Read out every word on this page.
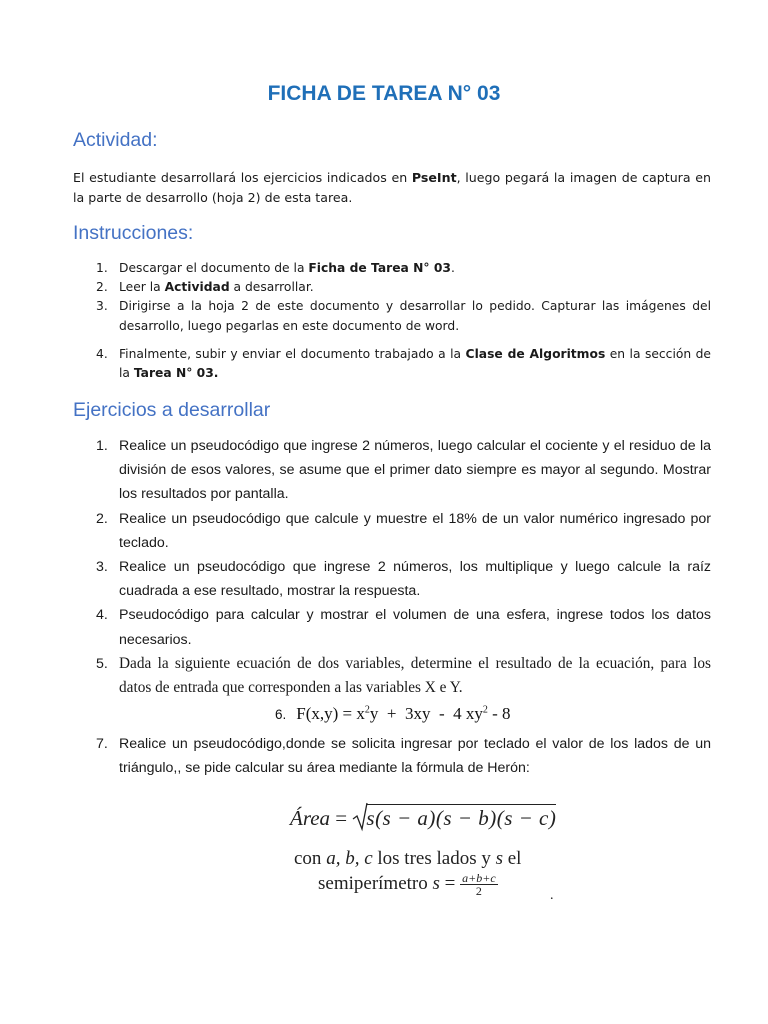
FICHA DE TAREA N° 03
Actividad:

El estudiante desarrollará los ejercicios indicados en PseInt, luego pegará la imagen de captura en la parte de desarrollo (hoja 2) de esta tarea.

Instrucciones:
1. Descargar el documento de la Ficha de Tarea N° 03.
2. Leer la Actividad a desarrollar.
3. Dirigirse a la hoja 2 de este documento y desarrollar lo pedido. Capturar las imágenes del desarrollo, luego pegarlas en este documento de word.
4. Finalmente, subir y enviar el documento trabajado a la Clase de Algoritmos en la sección de la Tarea N° 03.
Ejercicios a desarrollar
1. Realice un pseudocódigo que ingrese 2 números, luego calcular el cociente y el residuo de la división de esos valores, se asume que el primer dato siempre es mayor al segundo. Mostrar los resultados por pantalla.
2. Realice un pseudocódigo que calcule y muestre el 18% de un valor numérico ingresado por teclado.
3. Realice un pseudocódigo que ingrese 2 números, los multiplique y luego calcule la raíz cuadrada a ese resultado, mostrar la respuesta.
4. Pseudocódigo para calcular y mostrar el volumen de una esfera, ingrese todos los datos necesarios.
5. Dada la siguiente ecuación de dos variables, determine el resultado de la ecuación, para los datos de entrada que corresponden a las variables X e Y.
6. $F(x,y) = x^2y + 3xy - 4$ $xy^2 - 8$
7. Realice un pseudocódigo,donde se solicita ingresar por teclado el valor de los lados de un triángulo,, se pide calcular su área mediante la fórmula de Herón:
Área =
s(s − a)(s − b)(s − c)
con a, b, c los tres lados y s el
semiperímetro $s = \frac{a+b+c}{2}$	.
